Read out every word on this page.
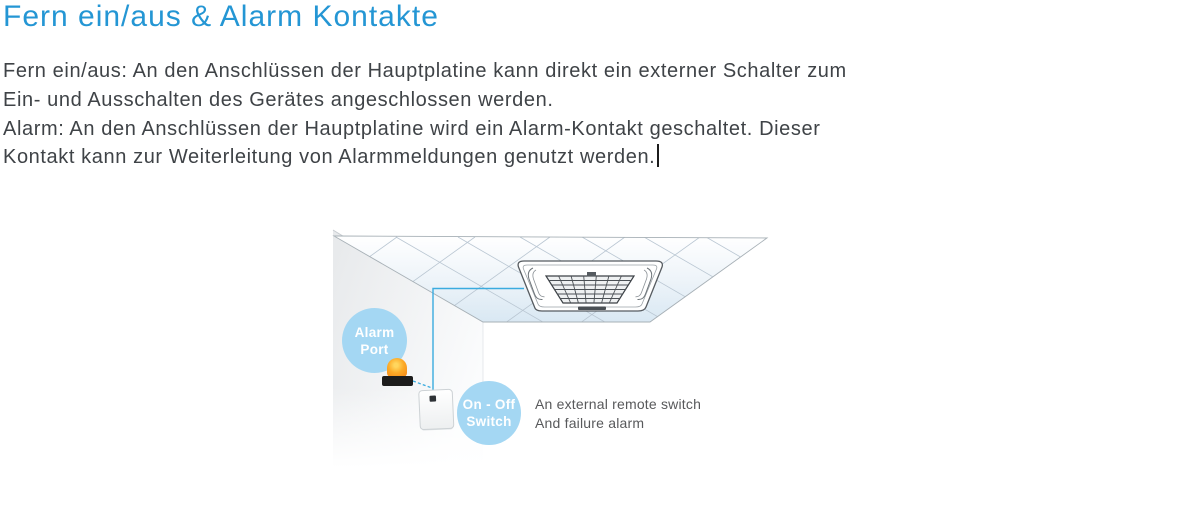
Fern ein/aus & Alarm Kontakte
Fern ein/aus: An den Anschlüssen der Hauptplatine kann direkt ein externer Schalter zum
Ein- und Ausschalten des Gerätes angeschlossen werden.
Alarm: An den Anschlüssen der Hauptplatine wird ein Alarm-Kontakt geschaltet. Dieser
Kontakt kann zur Weiterleitung von Alarmmeldungen genutzt werden.
Alarm
Port
On - Off
Switch
An external remote switch
And failure alarm
